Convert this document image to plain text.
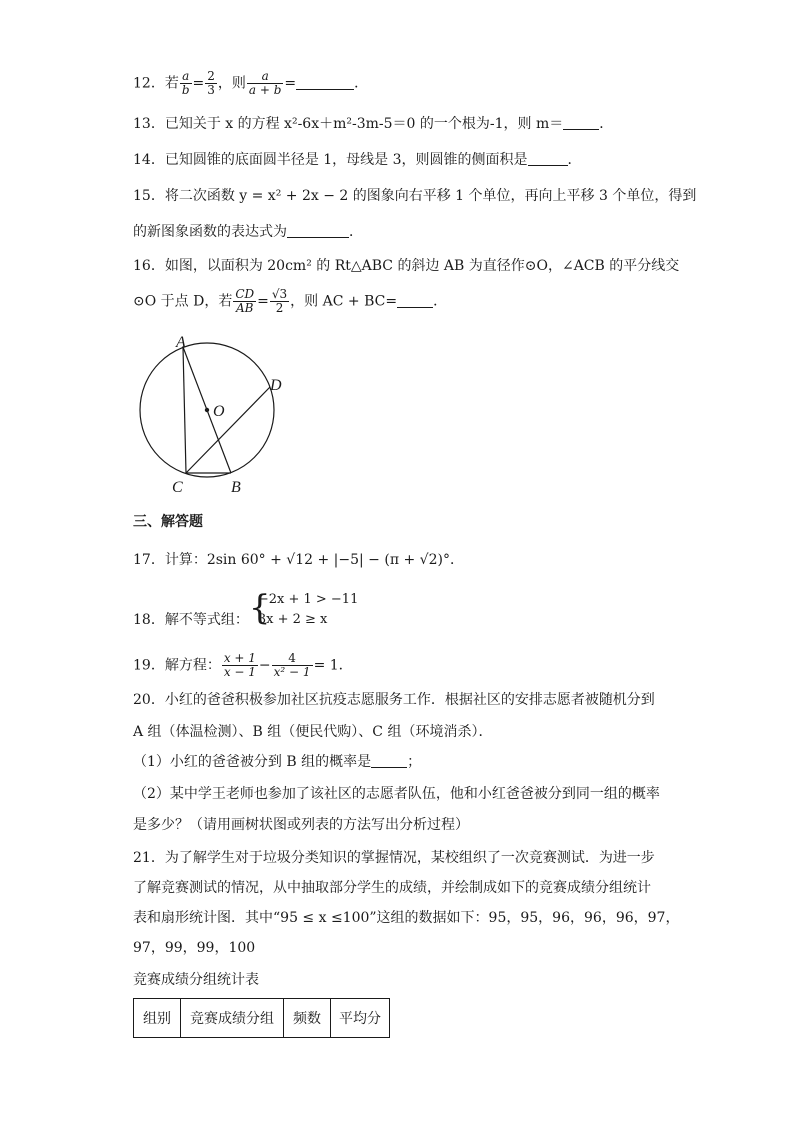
12．若 $\frac{a}{b} = \frac{2}{3}$ ，则 $\frac{a}{a + b}$ =	．
13．已知关于 x 的方程 x²-6x＋m²-3m-5＝0 的一个根为-1，则 m＝	．
14．已知圆锥的底面圆半径是 1，母线是 3，则圆锥的侧面积是	．
15．将二次函数 y = x² + 2x − 2 的图象向右平移 1 个单位，再向上平移 3 个单位，得到
的新图象函数的表达式为	．
16．如图，以面积为 20cm² 的 Rt△ABC 的斜边 AB 为直径作⊙O，∠ACB 的平分线交
⊙O 于点 D，若 $\frac{CD}{AB} = \frac{√3}{2}$ ，则 AC + BC=	．
A
D
O
C	B
三、解答题
17．计算：2sin 60° + √12 + |−5| − (π + √2)°．
18．解不等式组： {
−2x + 1 > −11
3x + 2 ≥ x
19．解方程： $\frac{x + 1}{x - 1} - \frac{4}{\text{x² − 1}} = 1$．
20．小红的爸爸积极参加社区抗疫志愿服务工作．根据社区的安排志愿者被随机分到
A 组（体温检测）、B 组（便民代购）、C 组（环境消杀）．
（1）小红的爸爸被分到 B 组的概率是	；
（2）某中学王老师也参加了该社区的志愿者队伍，他和小红爸爸被分到同一组的概率
是多少？（请用画树状图或列表的方法写出分析过程）
21．为了解学生对于垃圾分类知识的掌握情况，某校组织了一次竞赛测试．为进一步
了解竞赛测试的情况，从中抽取部分学生的成绩，并绘制成如下的竞赛成绩分组统计
表和扇形统计图．其中“95 ≤ x ≤100”这组的数据如下：95，95，96，96，96，97，
97，99，99，100
竞赛成绩分组统计表
组别	竞赛成绩分组	频数	平均分
